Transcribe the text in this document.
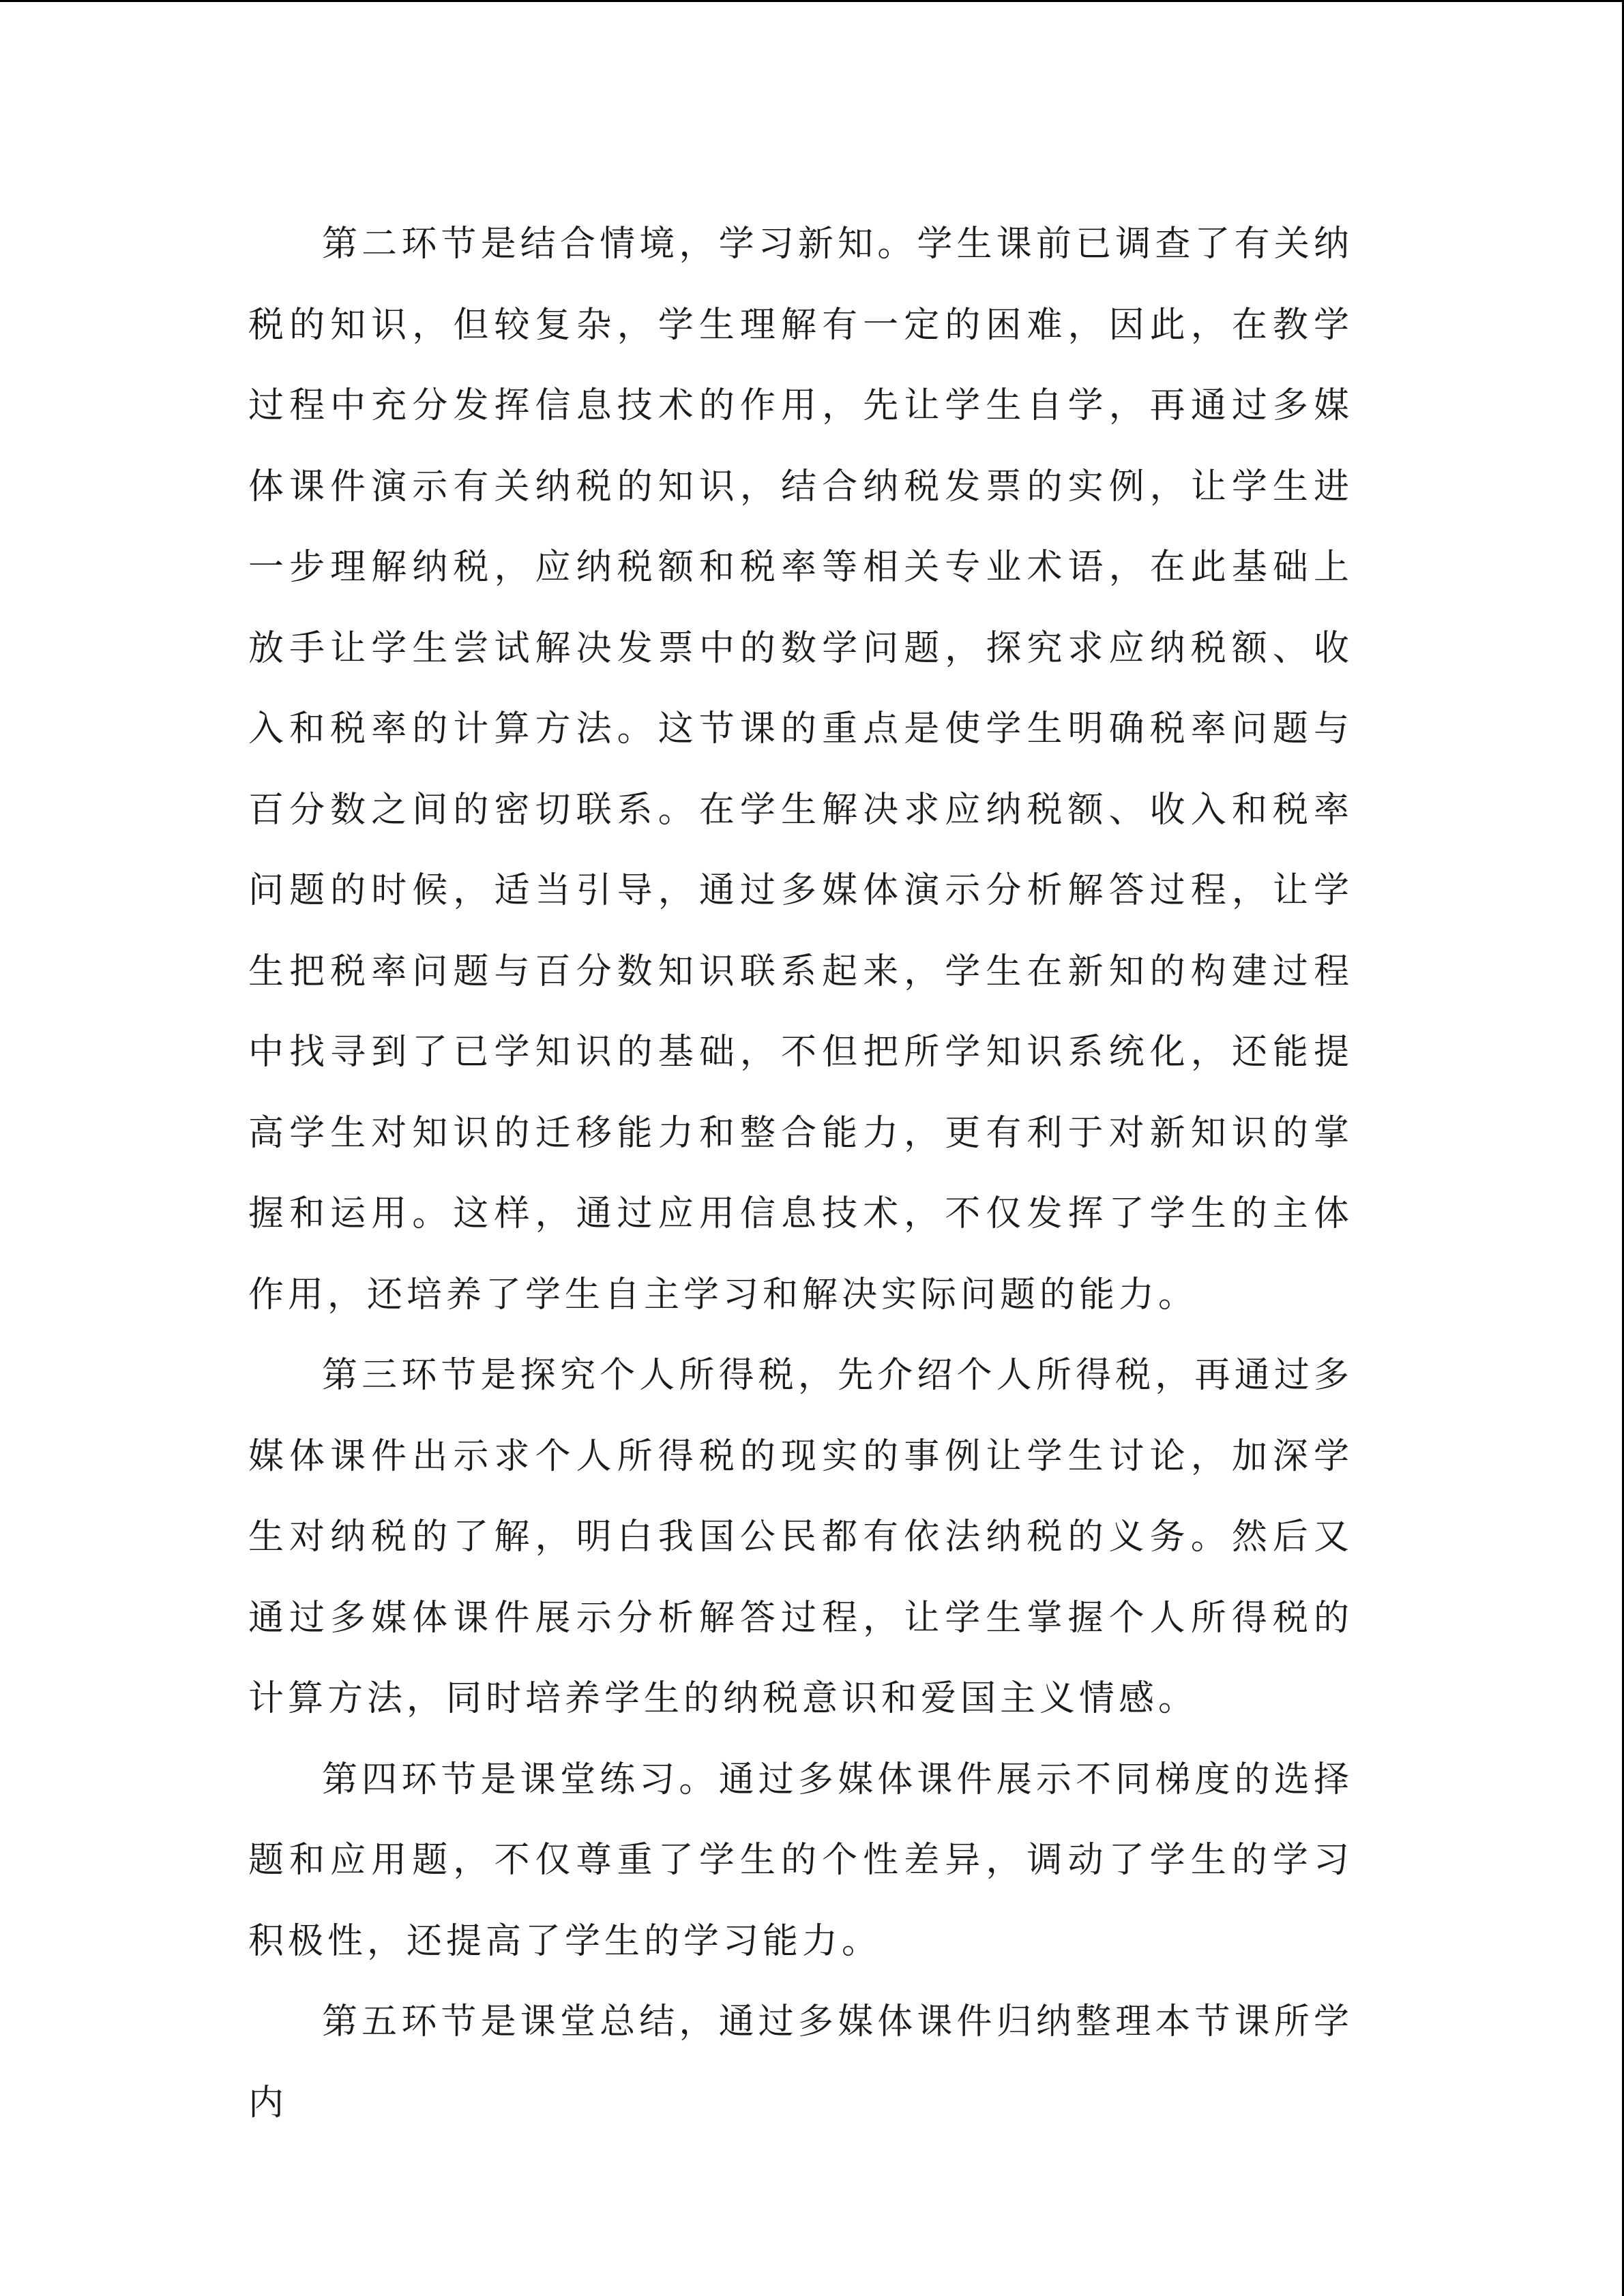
第二环节是结合情境，学习新知。学生课前已调查了有关纳税的知识，但较复杂，学生理解有一定的困难，因此，在教学过程中充分发挥信息技术的作用，先让学生自学，再通过多媒体课件演示有关纳税的知识，结合纳税发票的实例，让学生进一步理解纳税，应纳税额和税率等相关专业术语，在此基础上放手让学生尝试解决发票中的数学问题，探究求应纳税额、收入和税率的计算方法。这节课的重点是使学生明确税率问题与百分数之间的密切联系。在学生解决求应纳税额、收入和税率问题的时候，适当引导，通过多媒体演示分析解答过程，让学生把税率问题与百分数知识联系起来，学生在新知的构建过程中找寻到了已学知识的基础，不但把所学知识系统化，还能提高学生对知识的迁移能力和整合能力，更有利于对新知识的掌握和运用。这样，通过应用信息技术，不仅发挥了学生的主体作用，还培养了学生自主学习和解决实际问题的能力。

第三环节是探究个人所得税，先介绍个人所得税，再通过多媒体课件出示求个人所得税的现实的事例让学生讨论，加深学生对纳税的了解，明白我国公民都有依法纳税的义务。然后又通过多媒体课件展示分析解答过程，让学生掌握个人所得税的计算方法，同时培养学生的纳税意识和爱国主义情感。

第四环节是课堂练习。通过多媒体课件展示不同梯度的选择题和应用题，不仅尊重了学生的个性差异，调动了学生的学习积极性，还提高了学生的学习能力。

第五环节是课堂总结，通过多媒体课件归纳整理本节课所学内
